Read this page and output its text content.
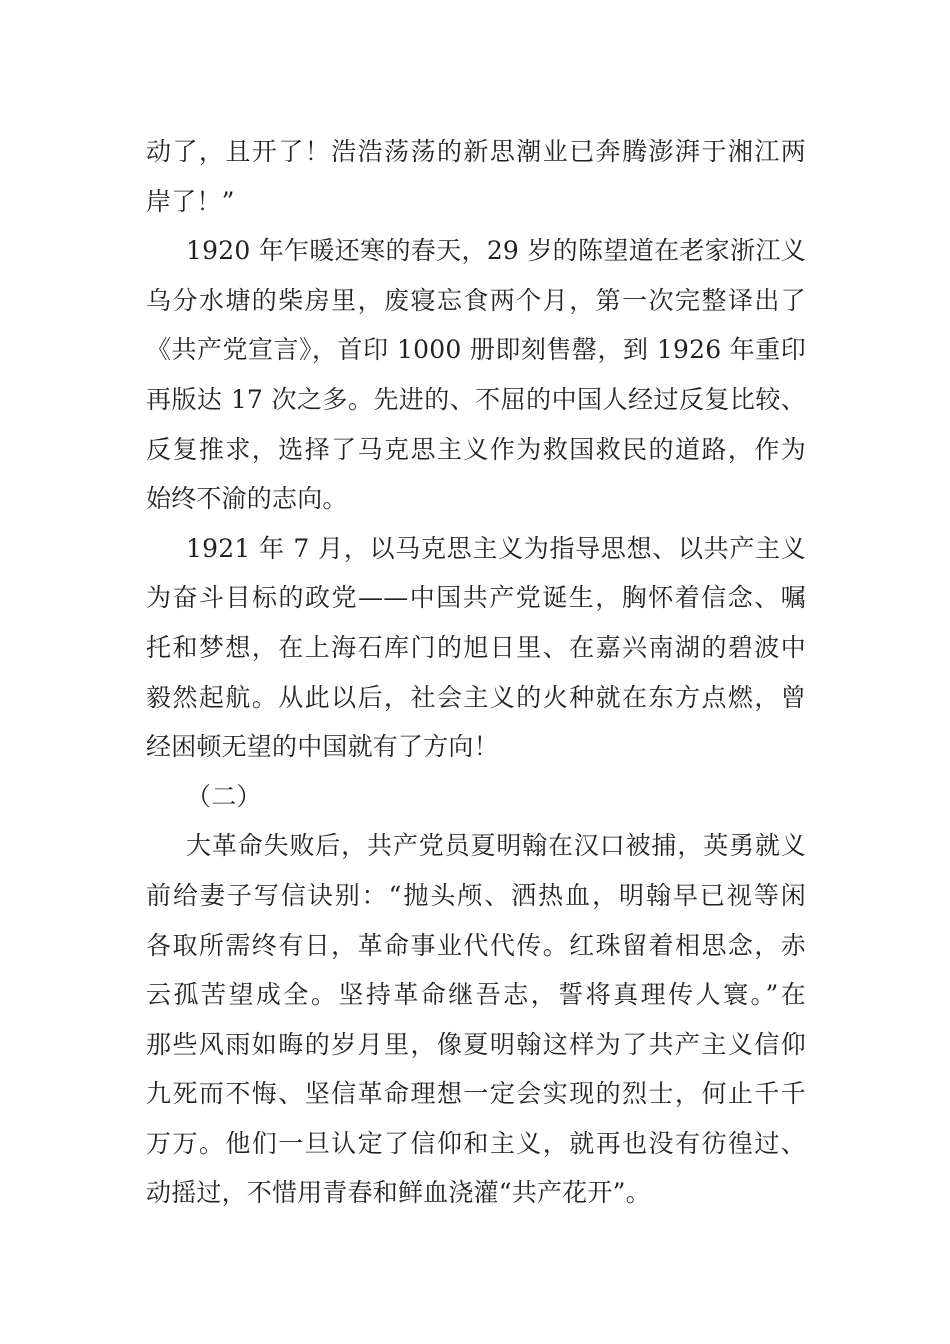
动了，且开了！浩浩荡荡的新思潮业已奔腾澎湃于湘江两
岸了！”
1920 年乍暖还寒的春天，29 岁的陈望道在老家浙江义
乌分水塘的柴房里，废寝忘食两个月，第一次完整译出了
《共产党宣言》，首印 1000 册即刻售罄，到 1926 年重印
再版达 17 次之多。先进的、不屈的中国人经过反复比较、
反复推求，选择了马克思主义作为救国救民的道路，作为
始终不渝的志向。
1921 年 7 月，以马克思主义为指导思想、以共产主义
为奋斗目标的政党——中国共产党诞生，胸怀着信念、嘱
托和梦想，在上海石库门的旭日里、在嘉兴南湖的碧波中
毅然起航。从此以后，社会主义的火种就在东方点燃，曾
经困顿无望的中国就有了方向！
（二）
大革命失败后，共产党员夏明翰在汉口被捕，英勇就义
前给妻子写信诀别：“抛头颅、洒热血，明翰早已视等闲
各取所需终有日，革命事业代代传。红珠留着相思念，赤
云孤苦望成全。坚持革命继吾志，誓将真理传人寰。”在
那些风雨如晦的岁月里，像夏明翰这样为了共产主义信仰
九死而不悔、坚信革命理想一定会实现的烈士，何止千千
万万。他们一旦认定了信仰和主义，就再也没有彷徨过、
动摇过，不惜用青春和鲜血浇灌“共产花开”。
